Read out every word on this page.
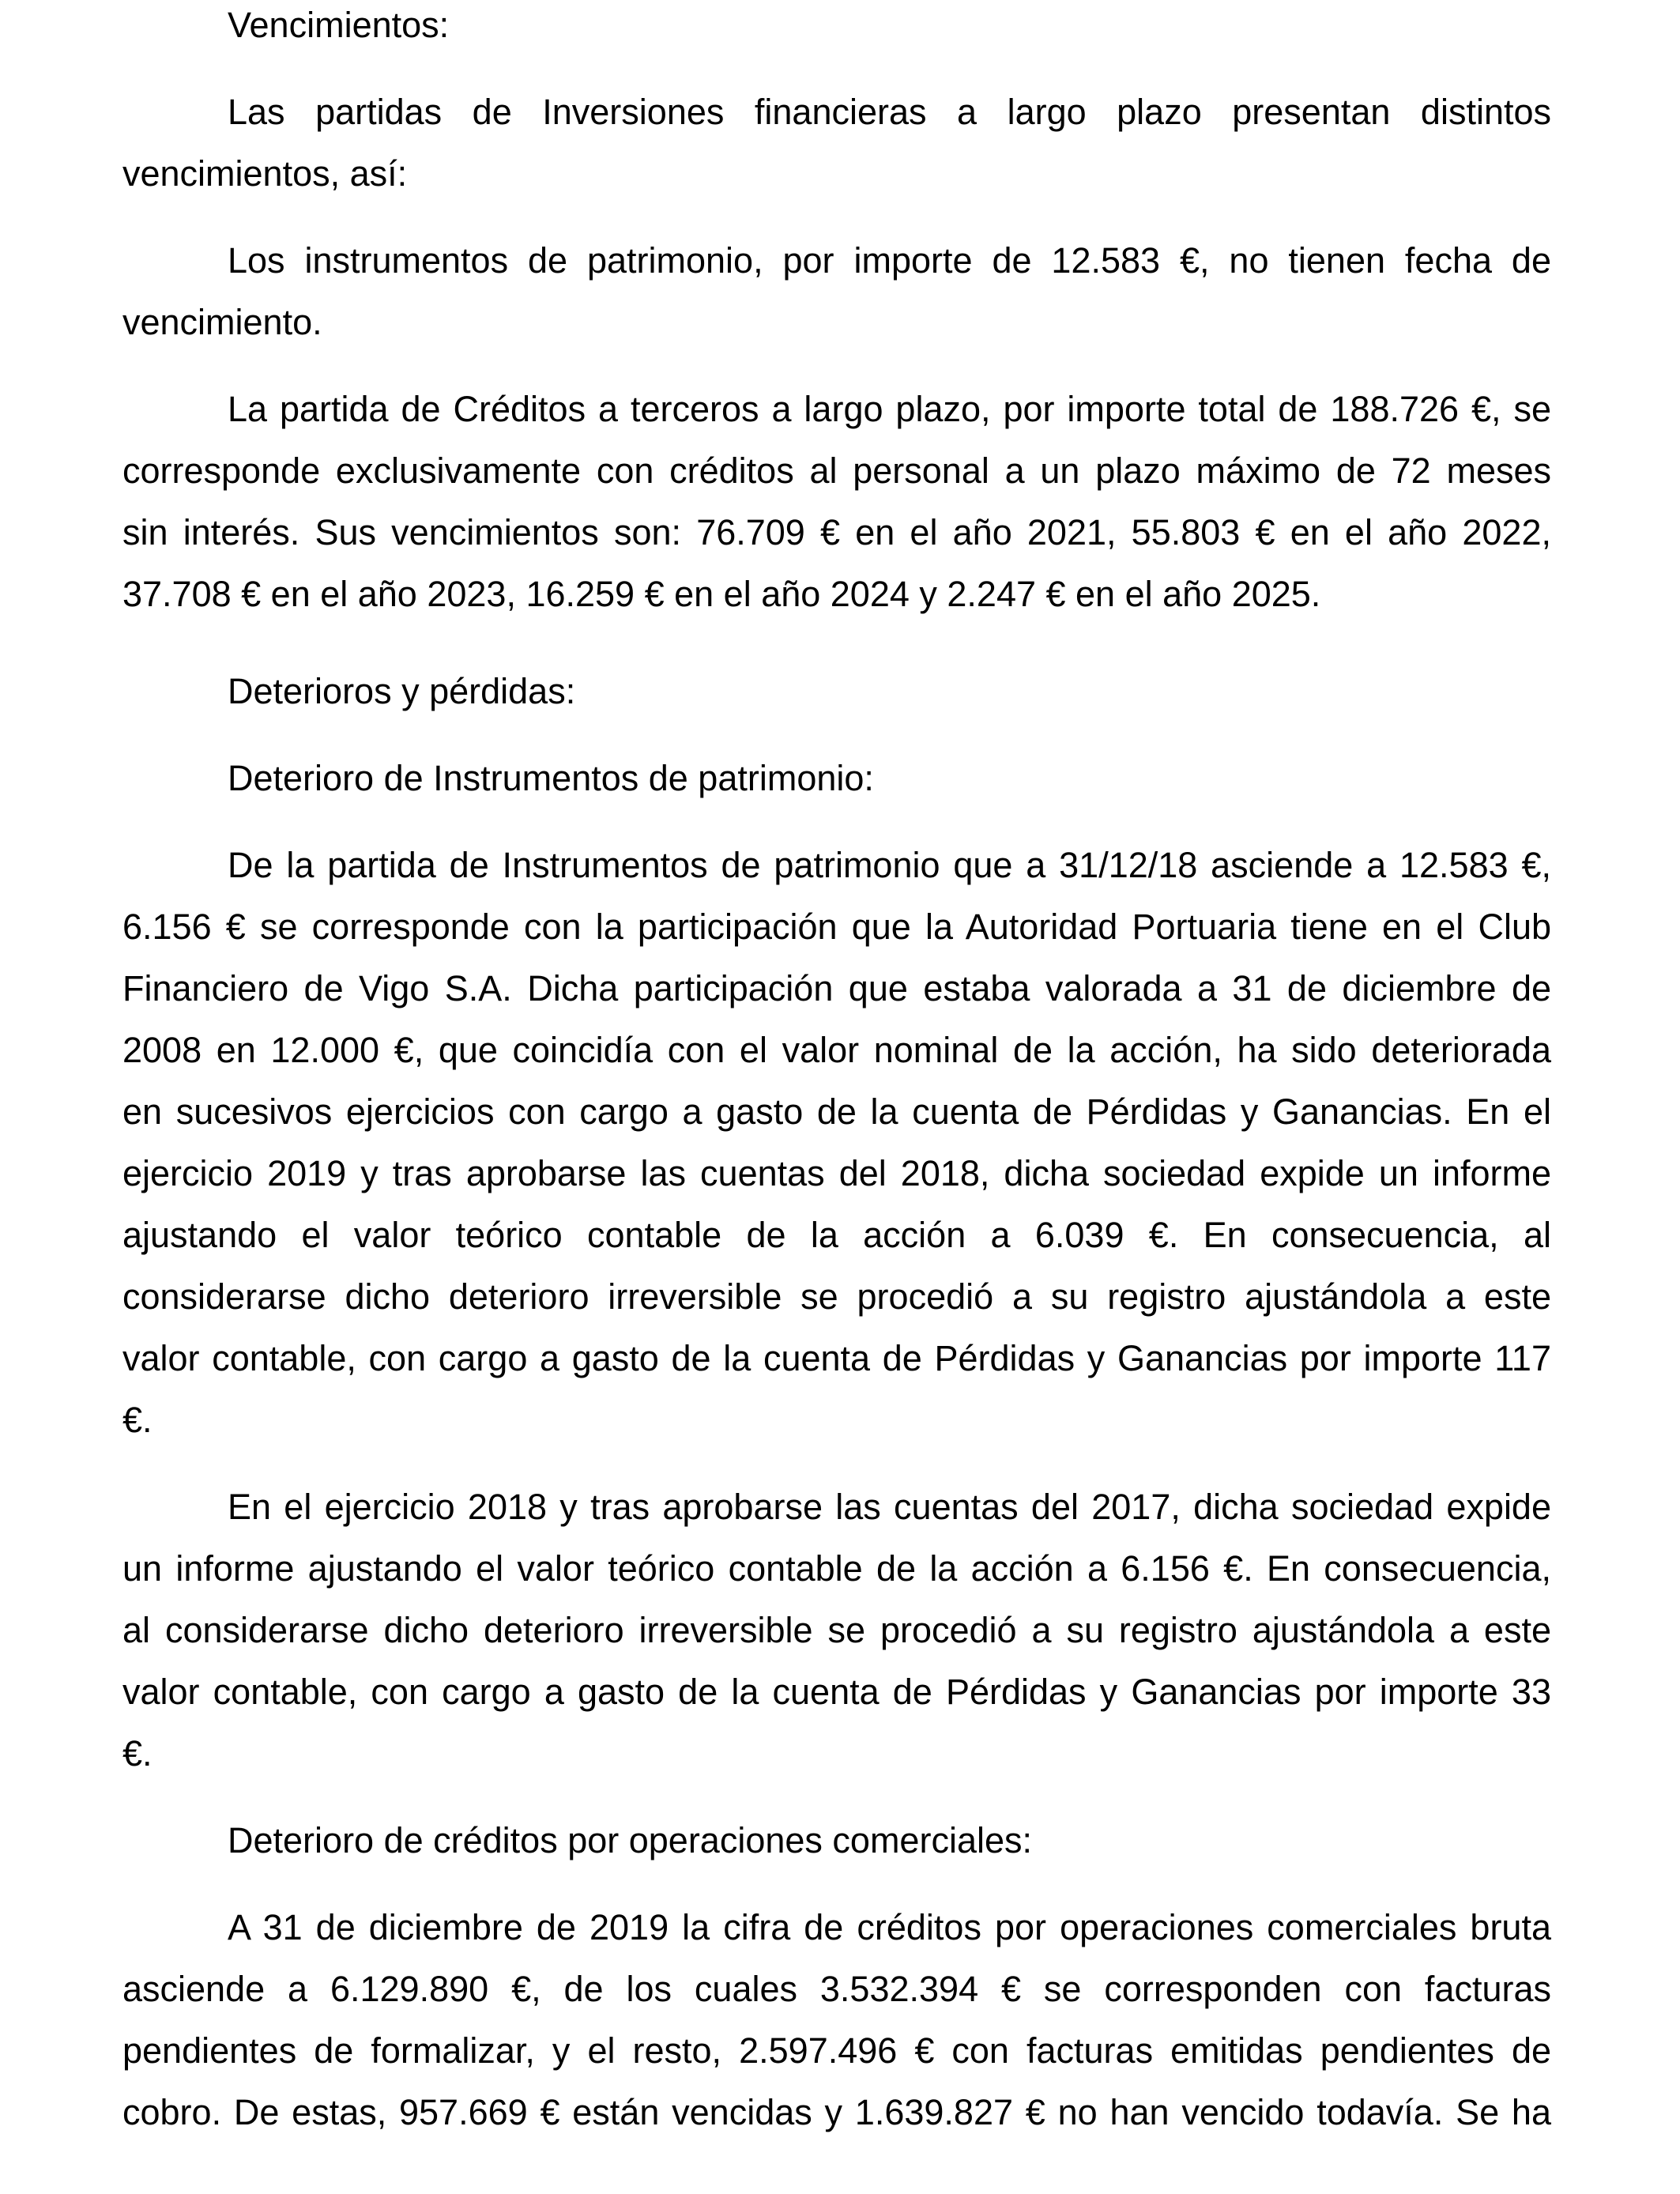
Vencimientos:

Las partidas de Inversiones financieras a largo plazo presentan distintos
vencimientos, así:

Los instrumentos de patrimonio, por importe de 12.583 €, no tienen fecha de
vencimiento.

La partida de Créditos a terceros a largo plazo, por importe total de 188.726 €, se
corresponde exclusivamente con créditos al personal a un plazo máximo de 72 meses
sin interés. Sus vencimientos son: 76.709 € en el año 2021, 55.803 € en el año 2022,
37.708 € en el año 2023, 16.259 € en el año 2024 y 2.247 € en el año 2025.

Deterioros y pérdidas:

Deterioro de Instrumentos de patrimonio:

De la partida de Instrumentos de patrimonio que a 31/12/18 asciende a 12.583 €,
6.156 € se corresponde con la participación que la Autoridad Portuaria tiene en el Club
Financiero de Vigo S.A. Dicha participación que estaba valorada a 31 de diciembre de
2008 en 12.000 €, que coincidía con el valor nominal de la acción, ha sido deteriorada
en sucesivos ejercicios con cargo a gasto de la cuenta de Pérdidas y Ganancias. En el
ejercicio 2019 y tras aprobarse las cuentas del 2018, dicha sociedad expide un informe
ajustando el valor teórico contable de la acción a 6.039 €. En consecuencia, al
considerarse dicho deterioro irreversible se procedió a su registro ajustándola a este
valor contable, con cargo a gasto de la cuenta de Pérdidas y Ganancias por importe 117
€.

En el ejercicio 2018 y tras aprobarse las cuentas del 2017, dicha sociedad expide
un informe ajustando el valor teórico contable de la acción a 6.156 €. En consecuencia,
al considerarse dicho deterioro irreversible se procedió a su registro ajustándola a este
valor contable, con cargo a gasto de la cuenta de Pérdidas y Ganancias por importe 33
€.

Deterioro de créditos por operaciones comerciales:

A 31 de diciembre de 2019 la cifra de créditos por operaciones comerciales bruta
asciende a 6.129.890 €, de los cuales 3.532.394 € se corresponden con facturas
pendientes de formalizar, y el resto, 2.597.496 € con facturas emitidas pendientes de
cobro. De estas, 957.669 € están vencidas y 1.639.827 € no han vencido todavía. Se ha
